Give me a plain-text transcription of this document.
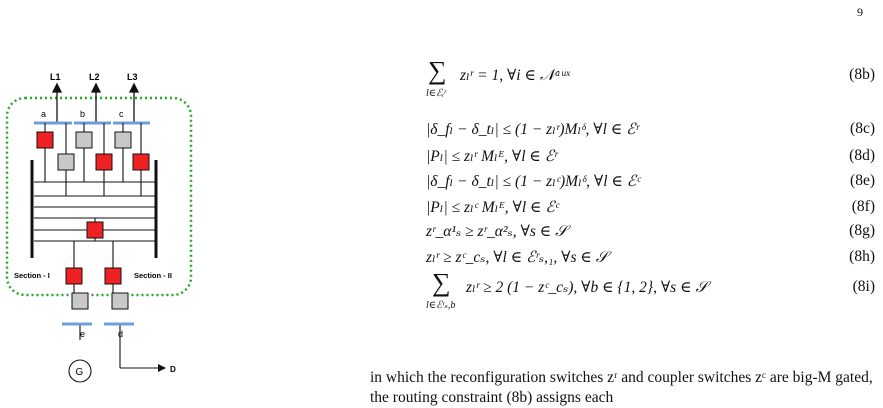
9
L1	L2	L3
a	b	c
Section - I	Section - II
e	d
G	D
∑
l∈ℰᵢʳ
zₗʳ = 1, ∀i ∈ 𝒩ᵃᵘˣ	(8b)
|δ_fₗ − δ_tₗ| ≤ (1 − zₗʳ)Mₗᵟ, ∀l ∈ ℰʳ	(8c)
|Pₗ| ≤ zₗʳ Mₗᴱ, ∀l ∈ ℰʳ	(8d)
|δ_fₗ − δ_tₗ| ≤ (1 − zₗᶜ)Mₗᵟ, ∀l ∈ ℰᶜ	(8e)
|Pₗ| ≤ zₗᶜ Mₗᴱ, ∀l ∈ ℰᶜ	(8f)
zʳ_α¹ₛ ≥ zʳ_α²ₛ, ∀s ∈ 𝒮	(8g)
zₗʳ ≥ zᶜ_cₛ, ∀l ∈ ℰʳₛ,₁, ∀s ∈ 𝒮	(8h)
∑
l∈ℰʳₛ,b
zₗʳ ≥ 2 (1 − zᶜ_cₛ), ∀b ∈ {1, 2}, ∀s ∈ 𝒮	(8i)
in which the reconfiguration switches zʳ and coupler switches zᶜ are big-M gated, the routing constraint (8b) assigns each
